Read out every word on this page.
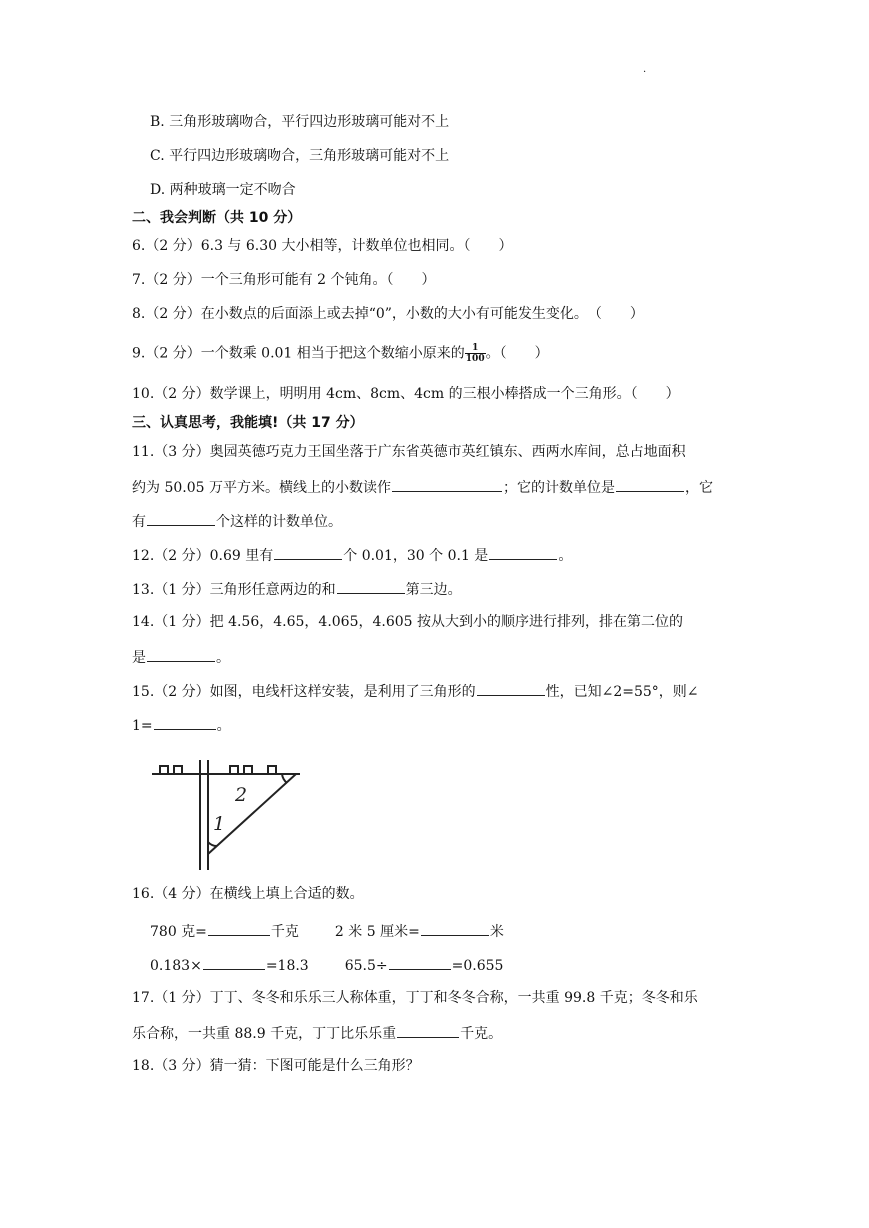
.
B. 三角形玻璃吻合，平行四边形玻璃可能对不上
C. 平行四边形玻璃吻合，三角形玻璃可能对不上
D. 两种玻璃一定不吻合
二、我会判断（共 10 分）
6.（2 分）6.3 与 6.30 大小相等，计数单位也相同。（　　）
7.（2 分）一个三角形可能有 2 个钝角。（　　）
8.（2 分）在小数点的后面添上或去掉“0”，小数的大小有可能发生变化。　（　　）
9.（2 分）一个数乘 0.01 相当于把这个数缩小原来的 $\frac{1}{100}$ 。（　　）
10.（2 分）数学课上，明明用 4cm、8cm、4cm 的三根小棒搭成一个三角形。（　　）
三、认真思考，我能填!（共 17 分）
11.（3 分）奥园英德巧克力王国坐落于广东省英德市英红镇东、西两水库间，总占地面积
约为 50.05 万平方米。横线上的小数读作	；它的计数单位是	，它
有	个这样的计数单位。
12.（2 分）0.69 里有	个 0.01，30 个 0.1 是	。
13.（1 分）三角形任意两边的和	第三边。
14.（1 分）把 4.56，4.65，4.065，4.605 按从大到小的顺序进行排列，排在第二位的
是	。
15.（2 分）如图，电线杆这样安装，是利用了三角形的	性，已知∠2=55°，则∠
1=	。
2
1
16.（4 分）在横线上填上合适的数。
780 克=	千克	2 米 5 厘米=	米
0.183×	=18.3	65.5÷	=0.655
17.（1 分）丁丁、冬冬和乐乐三人称体重，丁丁和冬冬合称，一共重 99.8 千克；冬冬和乐
乐合称，一共重 88.9 千克，丁丁比乐乐重	千克。
18.（3 分）猜一猜：下图可能是什么三角形？
